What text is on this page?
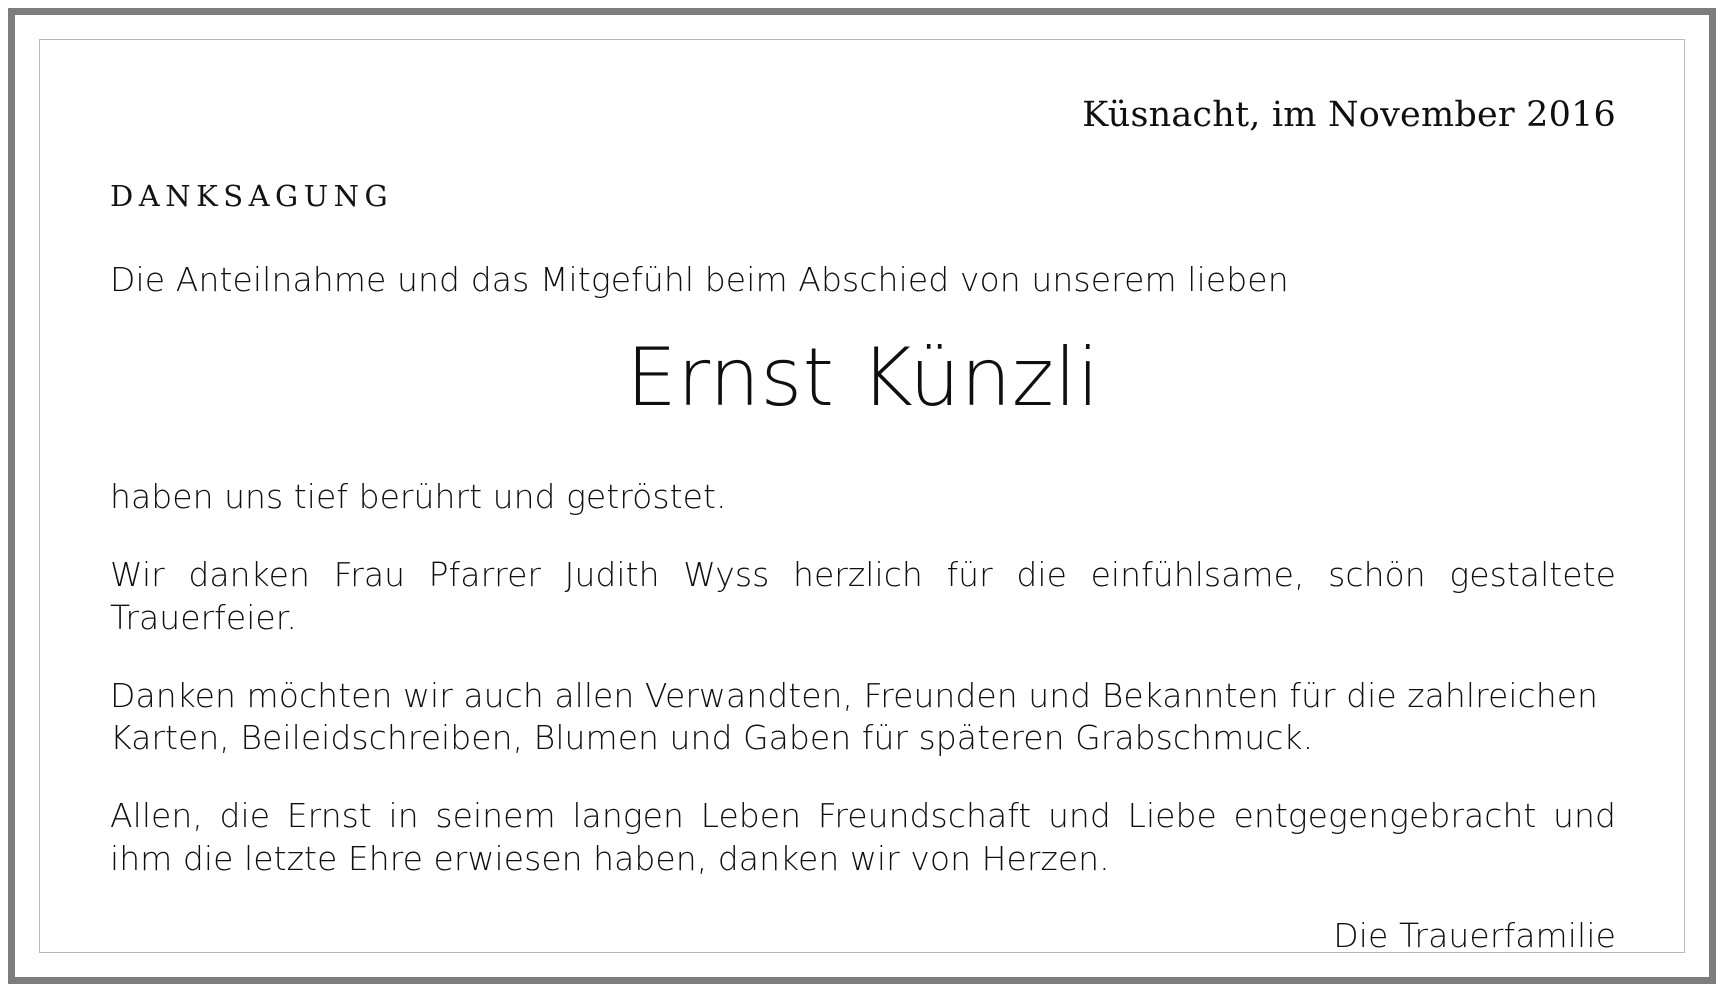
Küsnacht, im November 2016
DANKSAGUNG
Die Anteilnahme und das Mitgefühl beim Abschied von unserem lieben
Ernst Künzli
haben uns tief berührt und getröstet.
Wir danken Frau Pfarrer Judith Wyss herzlich für die einfühlsame, schön gestaltete Trauerfeier.
Danken möchten wir auch allen Verwandten, Freunden und Bekannten für die zahlreichen Karten, Beileidschreiben, Blumen und Gaben für späteren Grabschmuck.
Allen, die Ernst in seinem langen Leben Freundschaft und Liebe entgegengebracht und ihm die letzte Ehre erwiesen haben, danken wir von Herzen.
Die Trauerfamilie
